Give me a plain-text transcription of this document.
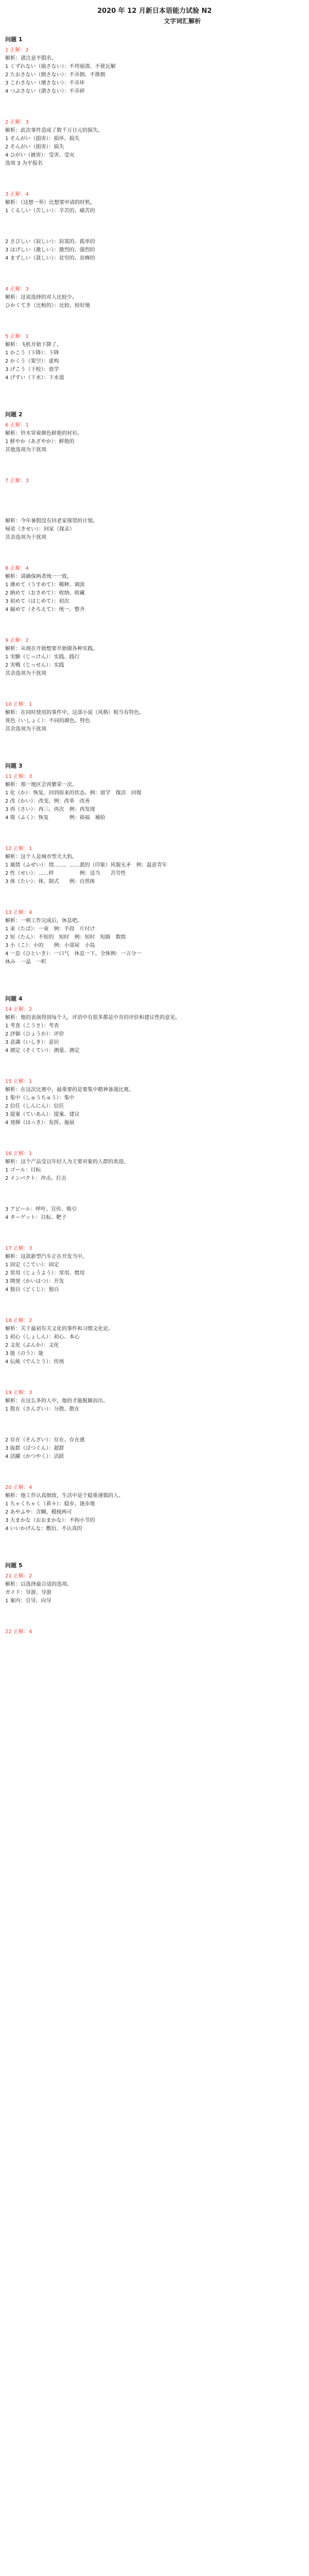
2020 年 12 月新日本语能力试验 N2
文字词汇解析
问题 1
1 正解：2
解析：诸注意平假名。
1 くずれない（崩さない）：不垮崩溃、不使瓦解
2 たおさない（倒さない）：不弄倒、不推倒
3 こわさない（壊さない）：不弄坏
4 つぶさない（潰さない）：不弄碎
2 正解：3
解析：此次事件造成了数千万日元的损失。
1 そんがい（損害）：损坏、损失
2 そんがい（損害）：损失
4 ひがい（被害）：受害、受灾
选项 3 为平仮名
3 正解：4
解析：（这想一举）比想要申请的时机。
1 くるしい（苦しい）：辛苦的、痛苦的
2 さびしい（寂しい）：寂寞的、孤单的
3 はげしい（激しい）：激烈的、强烈的
4 まずしい（貧しい）：贫穷的、贫瘠的
4 正解：3
解析：这说选择的对人比较少。
ひかくてき（比較的）：比较、较好地
5 正解：1
解析：飞机开始下降了。
1 かこう（下降）：下降
2 かくう（架空）：虚构
3 げこう（下校）：放学
4 げすい（下水）：下水道
问题 2
6 正解：1
解析：铃木穿着颜色鲜艳的衬衫。
1 鮮やか（あざやか）：鲜艳的
其他选项为干扰项
7 正解：3
解析：今年暑假没有回老家探望的计划。
帰省（きせい）：回家（探亲）
其余选项为干扰项
8 正解：4
解析：请确保两者统一一致。
1 薄めて（うすめて）：稀释、调淡
2 納めて（おさめて）：收纳、收藏
3 初めて（はじめて）：初次
4 揃めて（そろえて）：统一、整齐
9 正解：2
解析：从现在开始想要开始做各种实践。
1 実験（じっけん）：实践、践行
2 実戦（じっせん）：实践
其余选项为干扰项
10 正解：1
解析：在同时使用的事件中，这部小说（风格）相当有特色。
異色（いしょく）：不同的颜色、特色
其余选项为干扰项
问题 3
11 正解：3
解析：那一地区会再繁荣一次。
1 化（か）：恢复、回到原来的状态。例：留学　復活　回復
2 改（かい）：改变。例：改革　改善
3 再（さい）：再三、再次　例：再发现
4 復（ふく）：恢复　　　　例：裕福　補給
12 正解：1
解析：这个人是城市型犬大豹。
1 風情（ふぜい）：情……、……派的（印象）风貌无矛　例：温意青年
2 性（せい）：……样　　　　　例：适当　　苦労性
3 体（たい）：体、制式　　例：自然体
13 正解：4
解析：一顿工作完成后，休息吧。
1 束（たば）：一束　例：手段　片付け
2 短（たん）：不短的　短时　例：短时　短路　数组
3 小（こ）：小的　　例：小部屋　小島
4 一息（ひといき）：一口气　休息一下。全体例：一言分一
休み　一晶　一町
问题 4
14 正解：2
解析：他的表演得到每个人，评语中有很多都是中肯的评价和建议性的意见。
1 考査（こうさ）：考查
2 評価（ひょうか）：评价
3 意識（いしき）：意识
4 測定（そくてい）：测量、测定
15 正解：1
解析：在这次比赛中，最重要的是要集中精神备战比赛。
1 集中（しゅうちゅう）：集中
2 信任（しんにん）：信任
3 提案（ていあん）：提案、建议
4 発揮（はっき）：发挥、施展
16 正解：1
解析：这个产品受以年轻人为主要对象的人群的欢迎。
1 ゴール：目标
2 インパクト：冲击、打击
3 アピール：呼吁、宣传、吸引
4 ターゲット：目标、靶子
17 正解：3
解析：这款新型汽车正在开发当中。
1 固定（こてい）：固定
2 常用（じょうよう）：常用、惯用
3 開発（かいはつ）：开发
4 独自（どくじ）：独自
18 正解：2
解析：关于最初有关文化的事件和习惯文化论。
1 初心（しょしん）：初心、本心
2 文化（ぶんか）：文化
3 能（のう）：能
4 伝統（でんとう）：传统
19 正解：3
解析：在这么多的人中，他的才能脱颖而出。
1 散在（さんざい）：分散、散在
2 存在（そんざい）：存在、存在感
3 抜群（ばつぐん）：超群
4 活躍（かつやく）：活跃
20 正解：4
解析：他工作认真细致，生活中是个稳重谨慎的人。
1 ちゃくちゃく（着々）：稳步、逐步地
2 あやふや：含糊、模棱两可
3 大まかな（おおまかな）：不拘小节的
4 いいかげんな：敷衍、不认真的
问题 5
21 正解：2
解析：以选择最合适的选项。
ガイド：导游、导游
1 案内：引导、向导
22 正解：4
